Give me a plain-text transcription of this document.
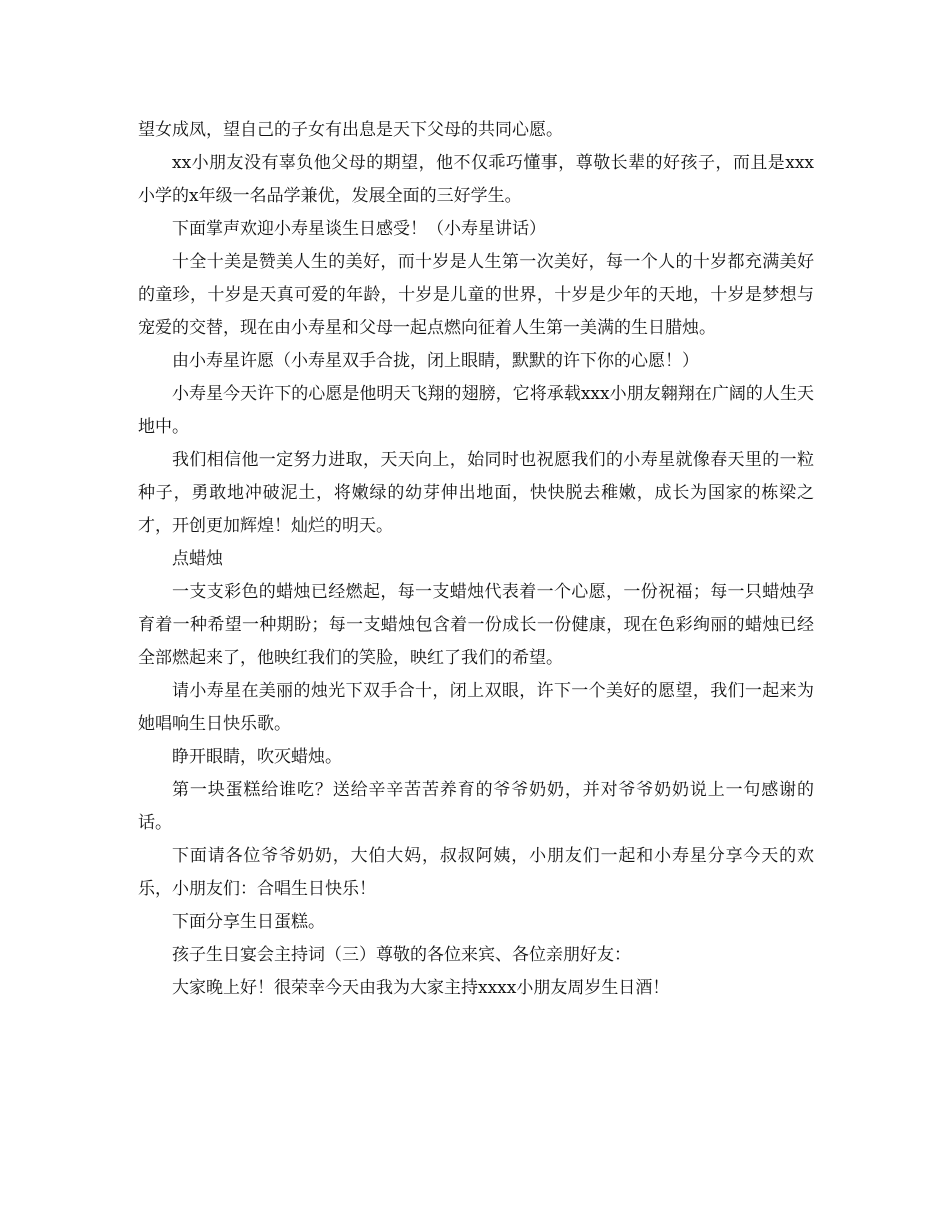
望女成凤，望自己的子女有出息是天下父母的共同心愿。

xx小朋友没有辜负他父母的期望，他不仅乖巧懂事，尊敬长辈的好孩子，而且是xxx小学的x年级一名品学兼优，发展全面的三好学生。

下面掌声欢迎小寿星谈生日感受！（小寿星讲话）

十全十美是赞美人生的美好，而十岁是人生第一次美好，每一个人的十岁都充满美好的童珍，十岁是天真可爱的年龄，十岁是儿童的世界，十岁是少年的天地，十岁是梦想与宠爱的交替，现在由小寿星和父母一起点燃向征着人生第一美满的生日腊烛。

由小寿星许愿（小寿星双手合拢，闭上眼睛，默默的许下你的心愿！）

小寿星今天许下的心愿是他明天飞翔的翅膀，它将承载xxx小朋友翱翔在广阔的人生天地中。

我们相信他一定努力进取，天天向上，始同时也祝愿我们的小寿星就像春天里的一粒种子，勇敢地冲破泥土，将嫩绿的幼芽伸出地面，快快脱去稚嫩，成长为国家的栋梁之才，开创更加辉煌！灿烂的明天。

点蜡烛

一支支彩色的蜡烛已经燃起，每一支蜡烛代表着一个心愿，一份祝福；每一只蜡烛孕育着一种希望一种期盼；每一支蜡烛包含着一份成长一份健康，现在色彩绚丽的蜡烛已经全部燃起来了，他映红我们的笑脸，映红了我们的希望。

请小寿星在美丽的烛光下双手合十，闭上双眼，许下一个美好的愿望，我们一起来为她唱响生日快乐歌。

睁开眼睛，吹灭蜡烛。

第一块蛋糕给谁吃？送给辛辛苦苦养育的爷爷奶奶，并对爷爷奶奶说上一句感谢的话。

下面请各位爷爷奶奶，大伯大妈，叔叔阿姨，小朋友们一起和小寿星分享今天的欢乐，小朋友们：合唱生日快乐！

下面分享生日蛋糕。

孩子生日宴会主持词（三）尊敬的各位来宾、各位亲朋好友：

大家晚上好！很荣幸今天由我为大家主持xxxx小朋友周岁生日酒！
